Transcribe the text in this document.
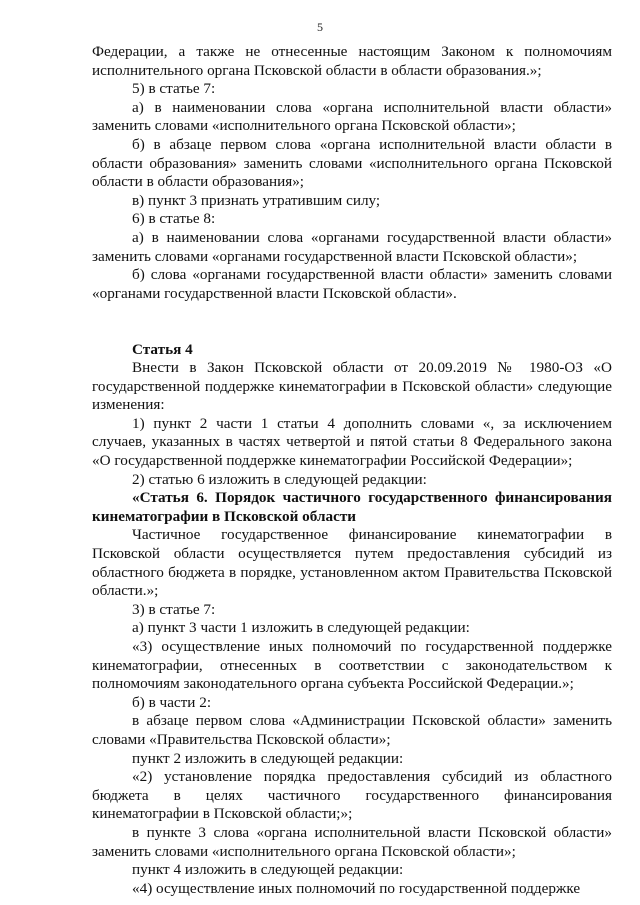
5

Федерации, а также не отнесенные настоящим Законом к полномочиям исполнительного органа Псковской области в области образования.»;

5) в статье 7:

а) в наименовании слова «органа исполнительной власти области» заменить словами «исполнительного органа Псковской области»;

б) в абзаце первом слова «органа исполнительной власти области в области образования» заменить словами «исполнительного органа Псковской области в области образования»;

в) пункт 3 признать утратившим силу;

6) в статье 8:

а) в наименовании слова «органами государственной власти области» заменить словами «органами государственной власти Псковской области»;

б) слова «органами государственной власти области» заменить словами «органами государственной власти Псковской области».

Статья 4

Внести в Закон Псковской области от 20.09.2019 № 1980-ОЗ «О государственной поддержке кинематографии в Псковской области» следующие изменения:

1) пункт 2 части 1 статьи 4 дополнить словами «, за исключением случаев, указанных в частях четвертой и пятой статьи 8 Федерального закона «О государственной поддержке кинематографии Российской Федерации»;

2) статью 6 изложить в следующей редакции:

«Статья 6. Порядок частичного государственного финансирования кинематографии в Псковской области

Частичное государственное финансирование кинематографии в Псковской области осуществляется путем предоставления субсидий из областного бюджета в порядке, установленном актом Правительства Псковской области.»;

3) в статье 7:

а) пункт 3 части 1 изложить в следующей редакции:

«3) осуществление иных полномочий по государственной поддержке кинематографии, отнесенных в соответствии с законодательством к полномочиям законодательного органа субъекта Российской Федерации.»;

б) в части 2:

в абзаце первом слова «Администрации Псковской области» заменить словами «Правительства Псковской области»;

пункт 2 изложить в следующей редакции:

«2) установление порядка предоставления субсидий из областного бюджета в целях частичного государственного финансирования кинематографии в Псковской области;»;

в пункте 3 слова «органа исполнительной власти Псковской области» заменить словами «исполнительного органа Псковской области»;

пункт 4 изложить в следующей редакции:

«4) осуществление иных полномочий по государственной поддержке
